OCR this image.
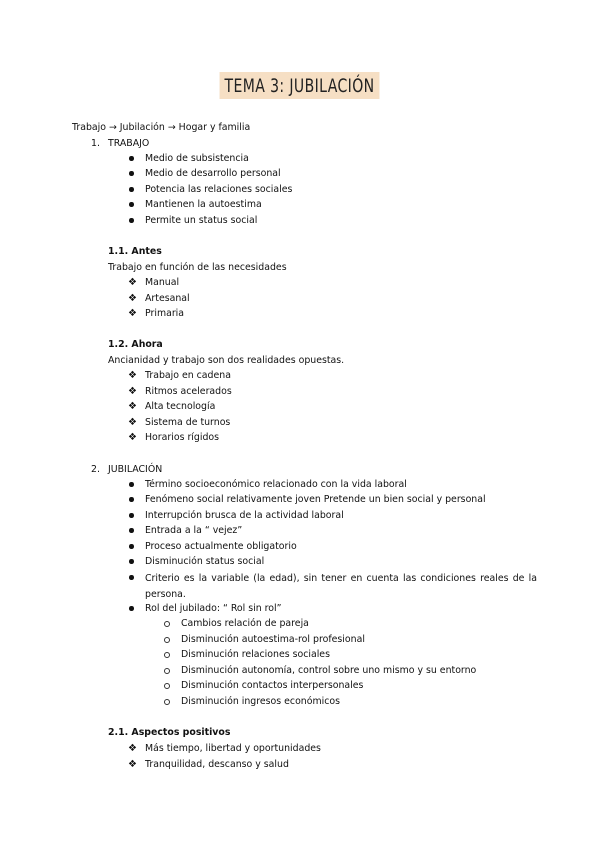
TEMA 3: JUBILACIÓN
Trabajo → Jubilación → Hogar y familia
1. TRABAJO
Medio de subsistencia
Medio de desarrollo personal
Potencia las relaciones sociales
Mantienen la autoestima
Permite un status social
1.1. Antes
Trabajo en función de las necesidades
❖ Manual
❖ Artesanal
❖ Primaria
1.2. Ahora
Ancianidad y trabajo son dos realidades opuestas.
❖ Trabajo en cadena
❖ Ritmos acelerados
❖ Alta tecnología
❖ Sistema de turnos
❖ Horarios rígidos
2. JUBILACIÓN
Término socioeconómico relacionado con la vida laboral
Fenómeno social relativamente joven Pretende un bien social y personal
Interrupción brusca de la actividad laboral
Entrada a la “ vejez”
Proceso actualmente obligatorio
Disminución status social
Criterio es la variable (la edad), sin tener en cuenta las condiciones reales de la persona.
Rol del jubilado: “ Rol sin rol”
Cambios relación de pareja
Disminución autoestima-rol profesional
Disminución relaciones sociales
Disminución autonomía, control sobre uno mismo y su entorno
Disminución contactos interpersonales
Disminución ingresos económicos
2.1. Aspectos positivos
❖ Más tiempo, libertad y oportunidades
❖ Tranquilidad, descanso y salud
